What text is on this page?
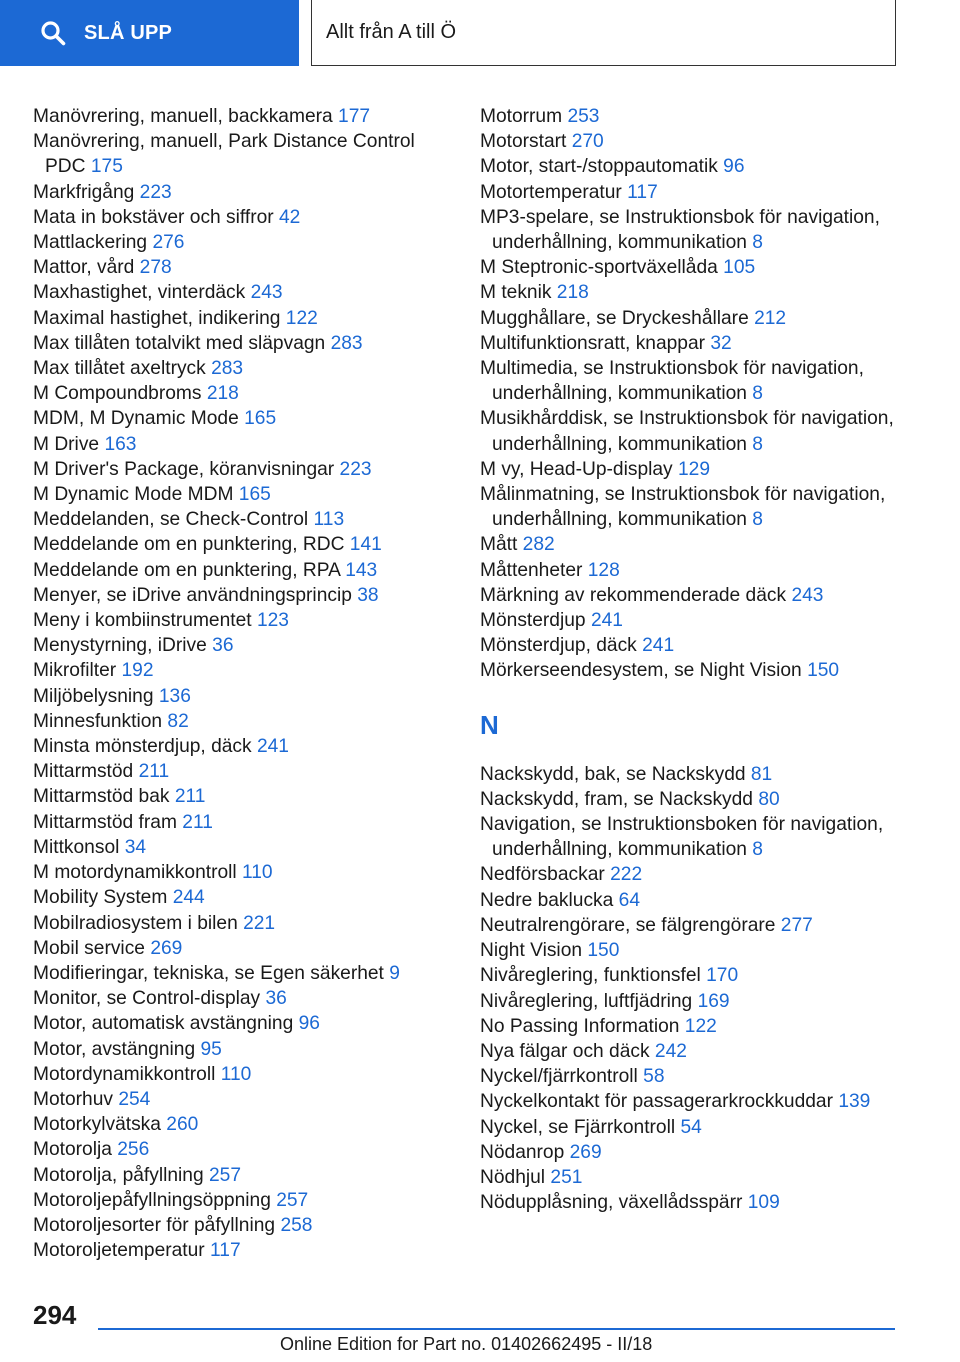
SLÅ UPP	Allt från A till Ö
Manövrering, manuell, backkamera 177
Manövrering, manuell, Park Distance Control PDC 175
Markfrigång 223
Mata in bokstäver och siffror 42
Mattlackering 276
Mattor, vård 278
Maxhastighet, vinterdäck 243
Maximal hastighet, indikering 122
Max tillåten totalvikt med släpvagn 283
Max tillåtet axeltryck 283
M Compoundbroms 218
MDM, M Dynamic Mode 165
M Drive 163
M Driver's Package, köranvisningar 223
M Dynamic Mode MDM 165
Meddelanden, se Check-Control 113
Meddelande om en punktering, RDC 141
Meddelande om en punktering, RPA 143
Menyer, se iDrive användningsprincip 38
Meny i kombiinstrumentet 123
Menystyrning, iDrive 36
Mikrofilter 192
Miljöbelysning 136
Minnesfunktion 82
Minsta mönsterdjup, däck 241
Mittarmstöd 211
Mittarmstöd bak 211
Mittarmstöd fram 211
Mittkonsol 34
M motordynamikkontroll 110
Mobility System 244
Mobilradiosystem i bilen 221
Mobil service 269
Modifieringar, tekniska, se Egen säkerhet 9
Monitor, se Control-display 36
Motor, automatisk avstängning 96
Motor, avstängning 95
Motordynamikkontroll 110
Motorhuv 254
Motorkylvätska 260
Motorolja 256
Motorolja, påfyllning 257
Motoroljepåfyllningsöppning 257
Motoroljesorter för påfyllning 258
Motoroljetemperatur 117
Motorrum 253
Motorstart 270
Motor, start-/stoppautomatik 96
Motortemperatur 117
MP3-spelare, se Instruktionsbok för navigation, underhållning, kommunikation 8
M Steptronic-sportväxellåda 105
M teknik 218
Mugghållare, se Dryckeshållare 212
Multifunktionsratt, knappar 32
Multimedia, se Instruktionsbok för navigation, underhållning, kommunikation 8
Musikhårddisk, se Instruktionsbok för navigation, underhållning, kommunikation 8
M vy, Head-Up-display 129
Målinmatning, se Instruktionsbok för navigation, underhållning, kommunikation 8
Mått 282
Måttenheter 128
Märkning av rekommenderade däck 243
Mönsterdjup 241
Mönsterdjup, däck 241
Mörkerseendesystem, se Night Vision 150
N
Nackskydd, bak, se Nackskydd 81
Nackskydd, fram, se Nackskydd 80
Navigation, se Instruktionsboken för navigation, underhållning, kommunikation 8
Nedförsbackar 222
Nedre baklucka 64
Neutralrengörare, se fälgrengörare 277
Night Vision 150
Nivåreglering, funktionsfel 170
Nivåreglering, luftfjädring 169
No Passing Information 122
Nya fälgar och däck 242
Nyckel/fjärrkontroll 58
Nyckelkontakt för passagerarkrockkuddar 139
Nyckel, se Fjärrkontroll 54
Nödanrop 269
Nödhjul 251
Nödupplåsning, växellådsspärr 109
294
Online Edition for Part no. 01402662495 - II/18
